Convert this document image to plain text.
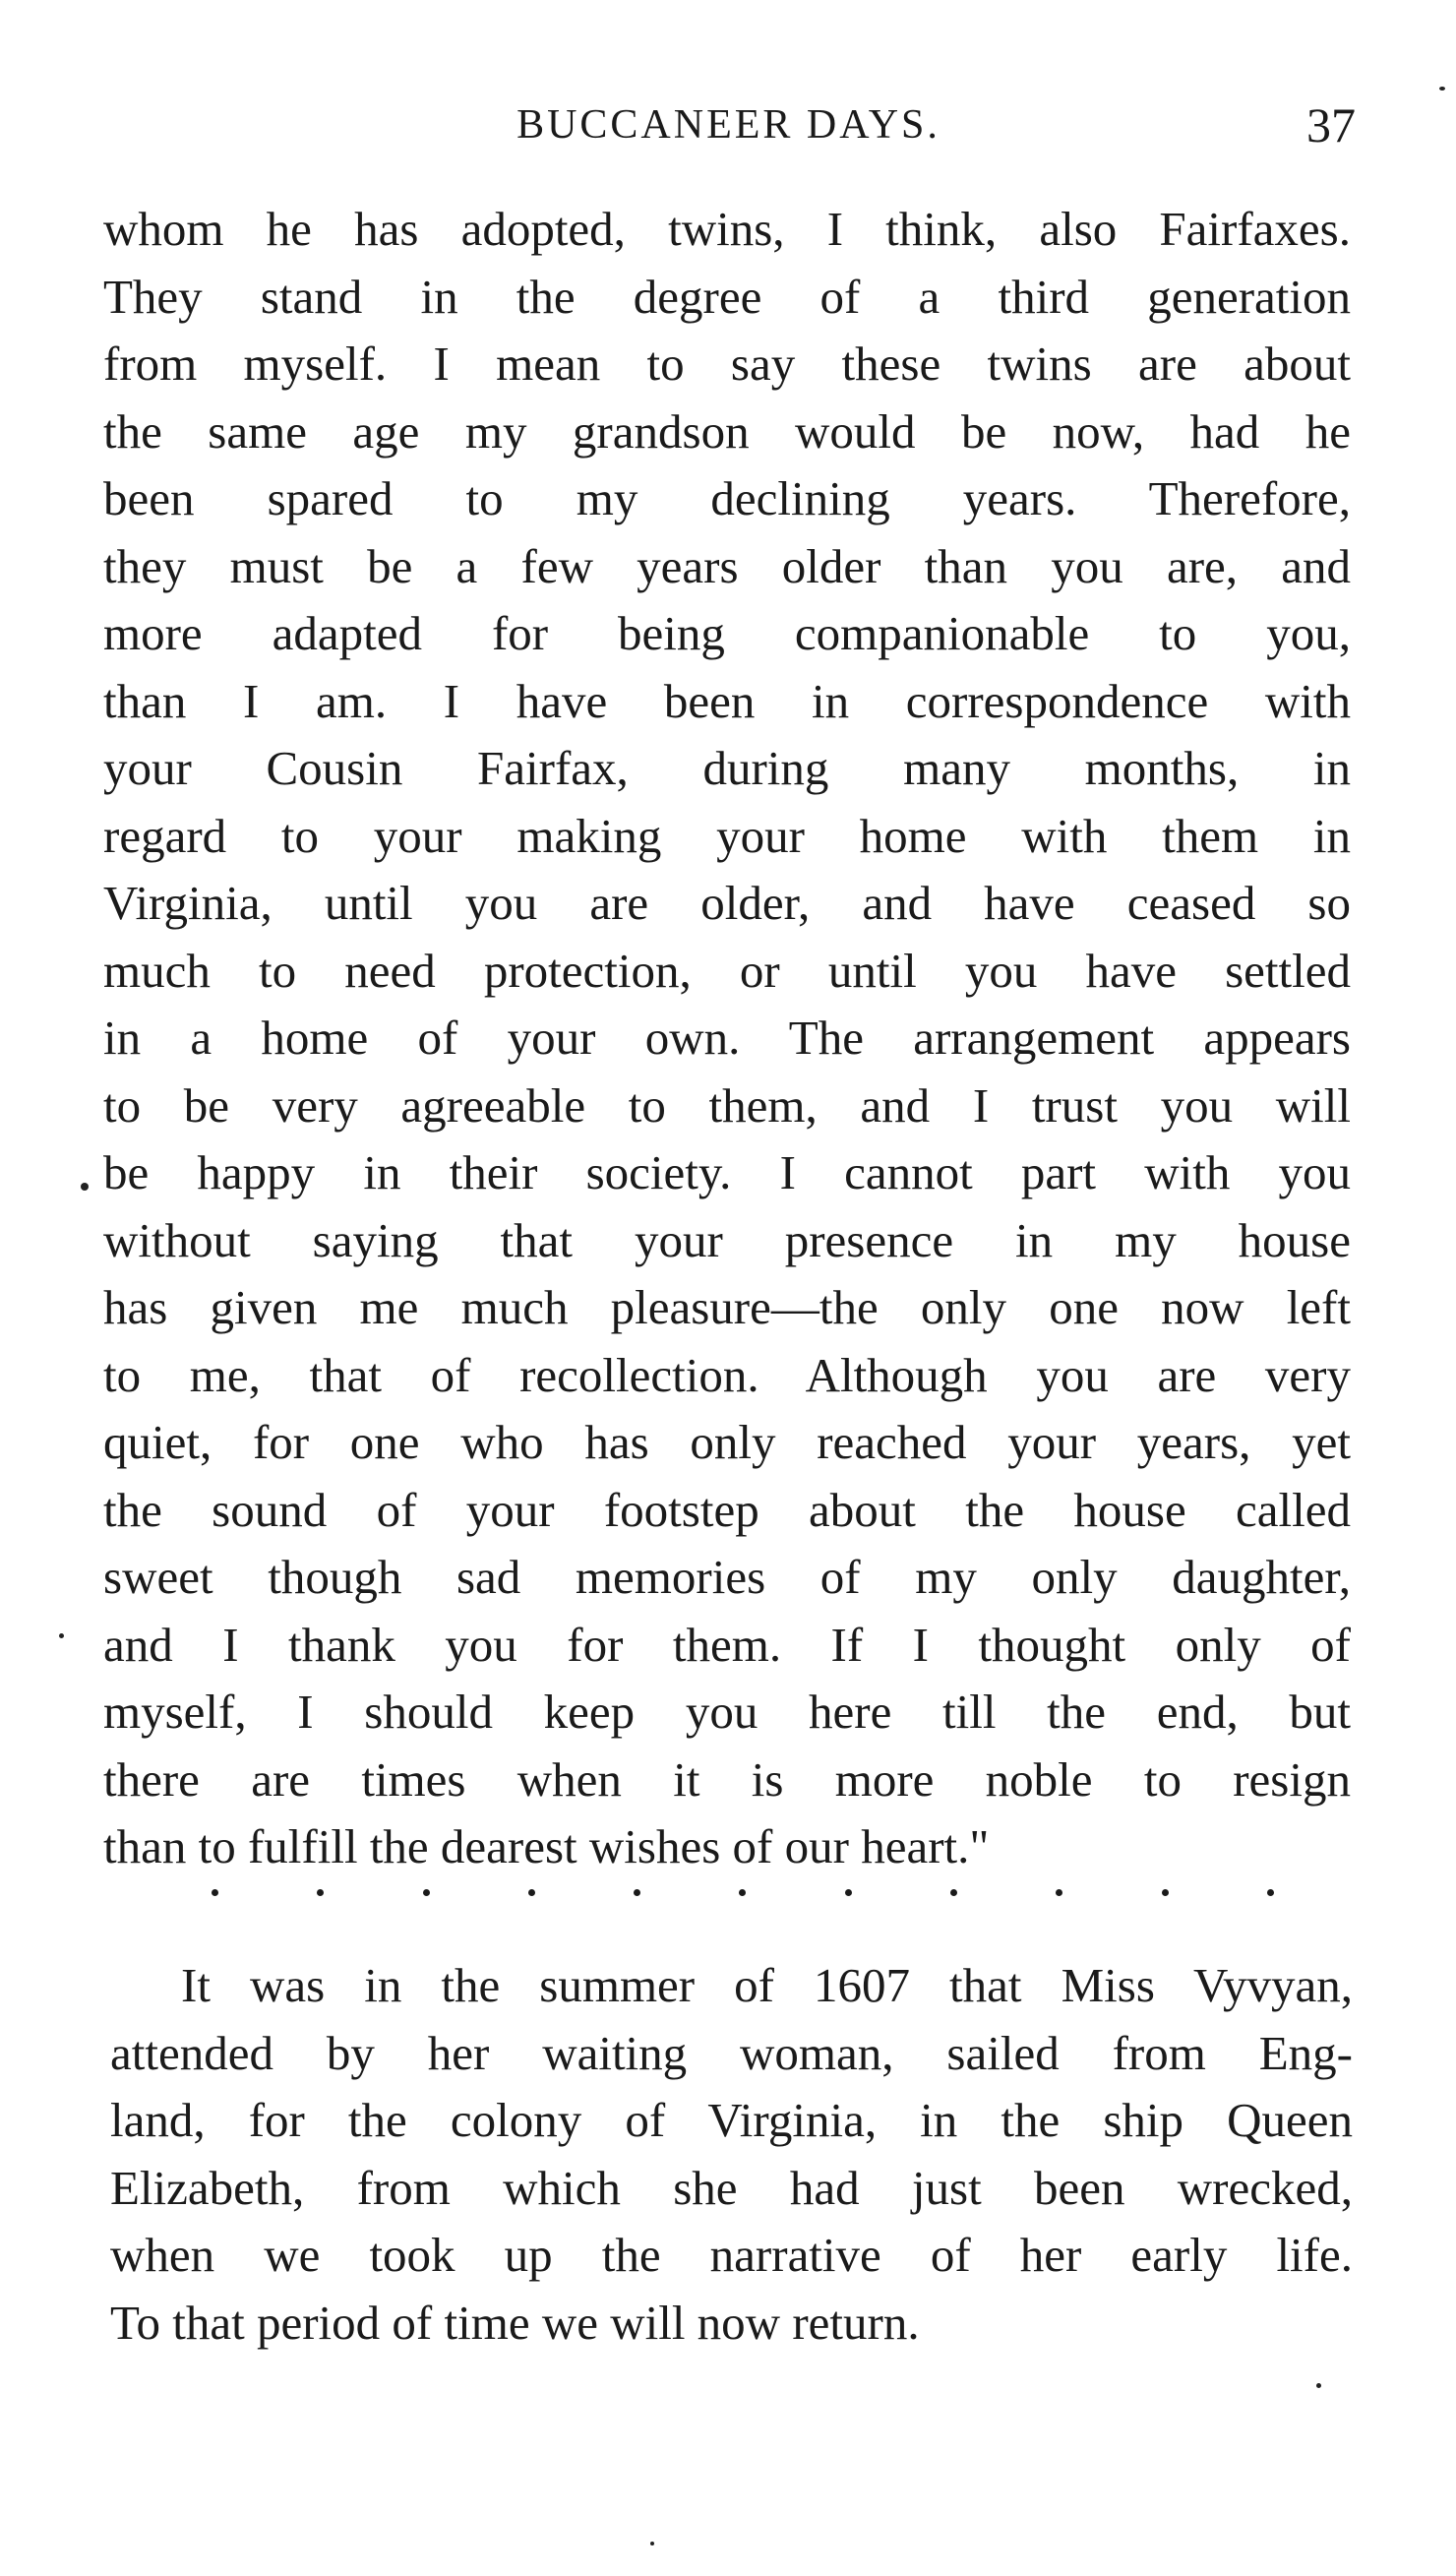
BUCCANEER DAYS.	37
whom he has adopted, twins, I think, also Fairfaxes.
They stand in the degree of a third generation
from myself. I mean to say these twins are about
the same age my grandson would be now, had he
been spared to my declining years. Therefore,
they must be a few years older than you are, and
more adapted for being companionable to you,
than I am. I have been in correspondence with
your Cousin Fairfax, during many months, in
regard to your making your home with them in
Virginia, until you are older, and have ceased so
much to need protection, or until you have settled
in a home of your own. The arrangement appears
to be very agreeable to them, and I trust you will
be happy in their society. I cannot part with you
without saying that your presence in my house
has given me much pleasure—the only one now left
to me, that of recollection. Although you are very
quiet, for one who has only reached your years, yet
the sound of your footstep about the house called
sweet though sad memories of my only daughter,
and I thank you for them. If I thought only of
myself, I should keep you here till the end, but
there are times when it is more noble to resign
than to fulfill the dearest wishes of our heart."
It was in the summer of 1607 that Miss Vyvyan,
attended by her waiting woman, sailed from Eng-
land, for the colony of Virginia, in the ship Queen
Elizabeth, from which she had just been wrecked,
when we took up the narrative of her early life.
To that period of time we will now return.
